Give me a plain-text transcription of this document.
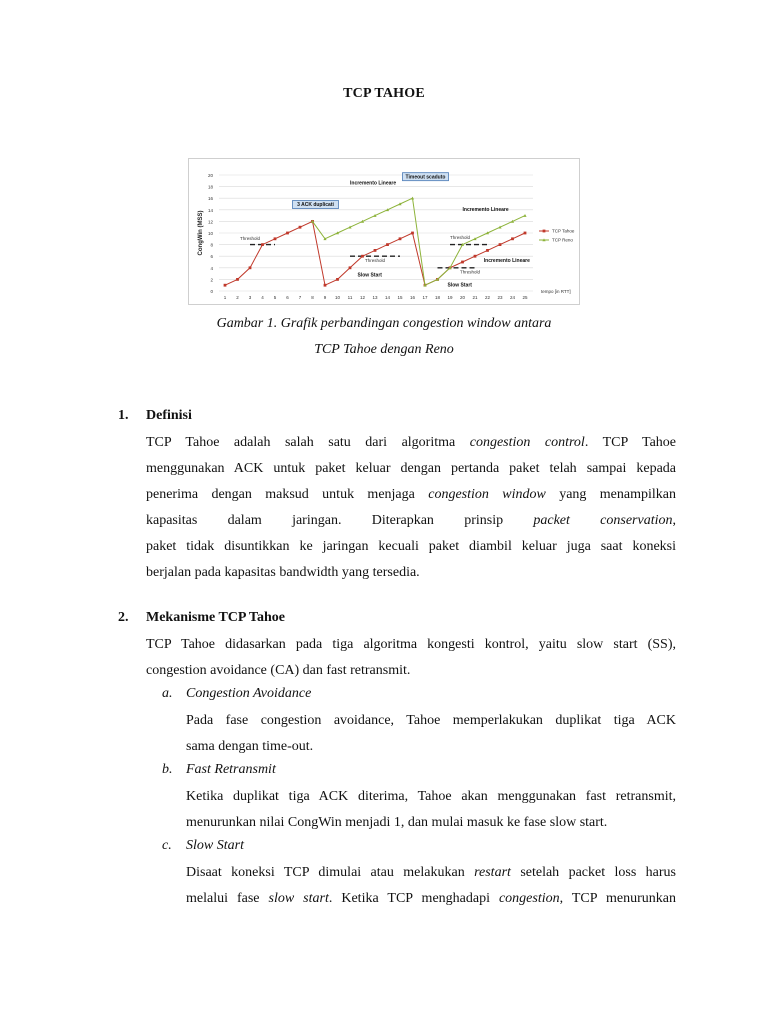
TCP TAHOE
0
2
4
6
8
10
12
14
16
18
20
1 2 3 4 5 6 7 8 9 10 11 12 13 14 15 16 17 18 19 20 21 22 23 24 25
CongWin (MSS)
tempo [in RTT]
Threshold
Threshold
Threshold
Threshold
Incremento Lineare
Incremento Lineare
Incremento Lineare
Slow Start
Slow Start
3 ACK duplicati
Timeout scaduto
TCP Tahoe
TCP Reno
Gambar 1. Grafik perbandingan congestion window antara
TCP Tahoe dengan Reno
1. Definisi
TCP Tahoe adalah salah satu dari algoritma congestion control. TCP Tahoe
menggunakan ACK untuk paket keluar dengan pertanda paket telah sampai kepada
penerima dengan maksud untuk menjaga congestion window yang menampilkan
kapasitas dalam jaringan. Diterapkan prinsip packet conservation,
paket tidak disuntikkan ke jaringan kecuali paket diambil keluar juga saat koneksi
berjalan pada kapasitas bandwidth yang tersedia.
2. Mekanisme TCP Tahoe
TCP Tahoe didasarkan pada tiga algoritma kongesti kontrol, yaitu slow start (SS),
congestion avoidance (CA) dan fast retransmit.
a. Congestion Avoidance
Pada fase congestion avoidance, Tahoe memperlakukan duplikat tiga ACK
sama dengan time-out.
b. Fast Retransmit
Ketika duplikat tiga ACK diterima, Tahoe akan menggunakan fast retransmit,
menurunkan nilai CongWin menjadi 1, dan mulai masuk ke fase slow start.
c. Slow Start
Disaat koneksi TCP dimulai atau melakukan restart setelah packet loss harus
melalui fase slow start. Ketika TCP menghadapi congestion, TCP menurunkan
